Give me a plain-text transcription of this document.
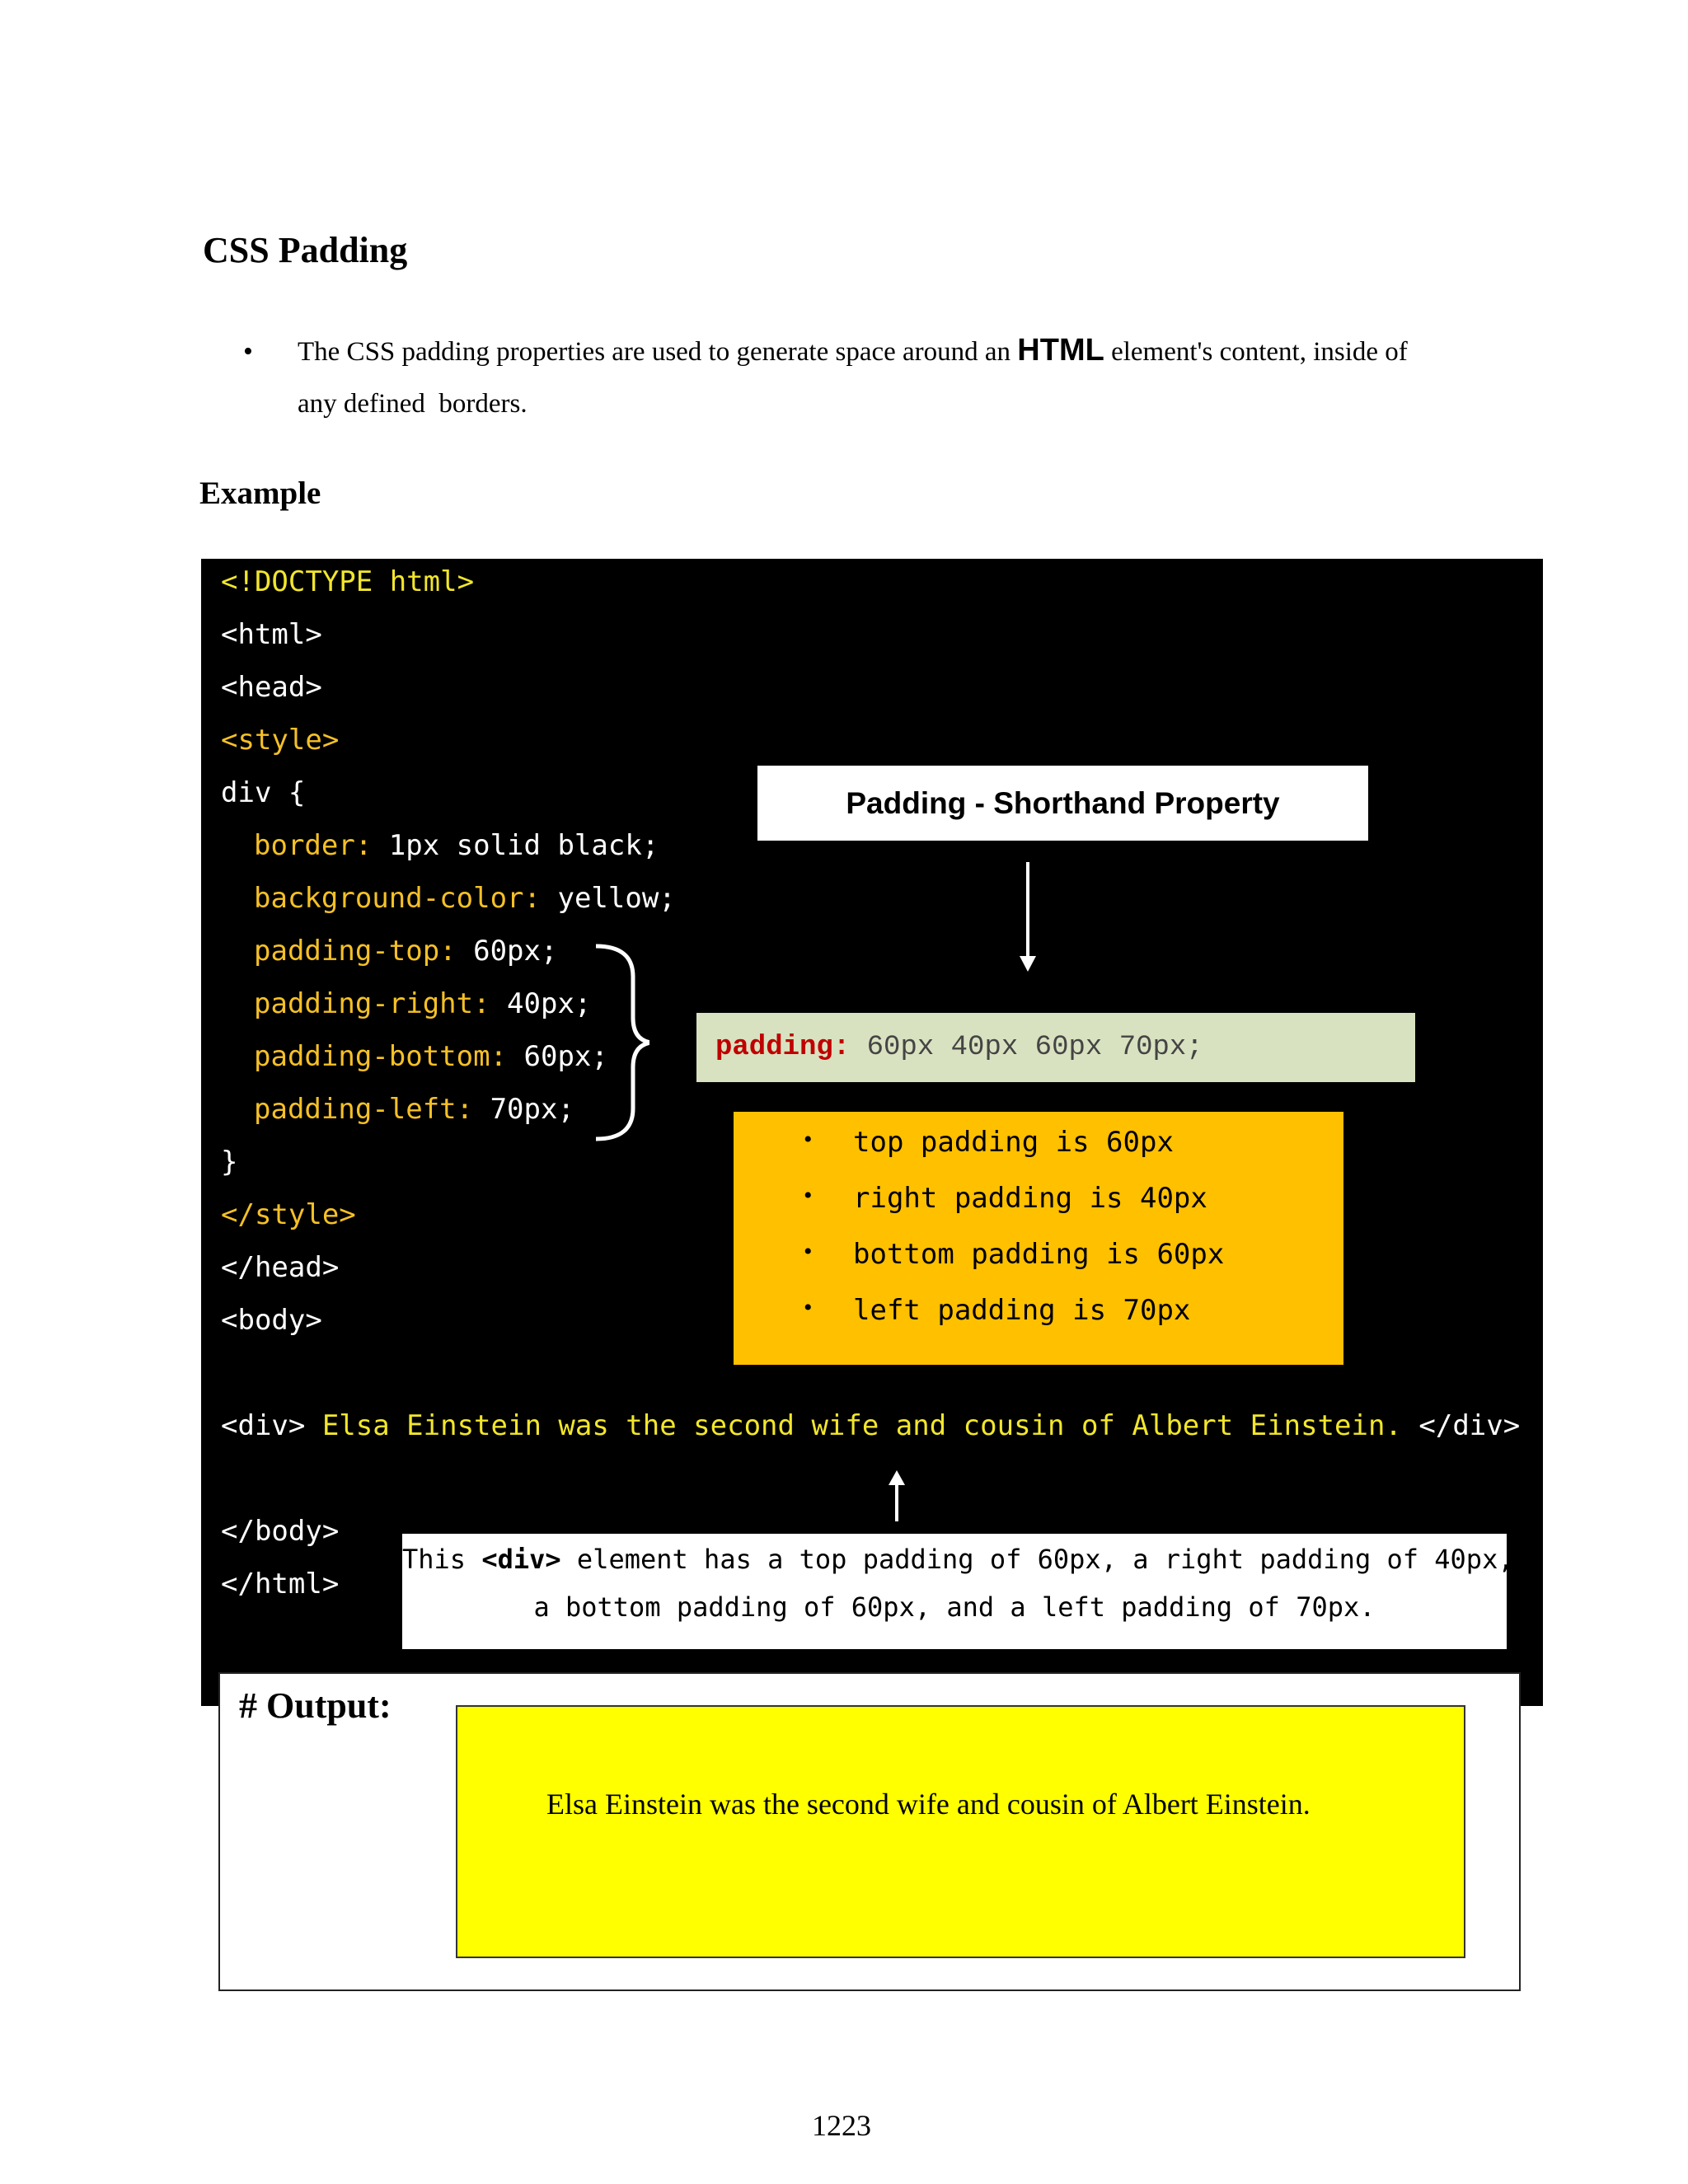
CSS Padding
• The CSS padding properties are used to generate space around an HTML element's content, inside of
any defined  borders.
Example
<!DOCTYPE html>
<html>
<head>
<style>
div {
border: 1px solid black;
background-color: yellow;
padding-top: 60px;
padding-right: 40px;
padding-bottom: 60px;
padding-left: 70px;
}
</style>
</head>
<body>
<div> Elsa Einstein was the second wife and cousin of Albert Einstein. </div>
</body>
</html>
Padding - Shorthand Property
padding: 60px 40px 60px 70px;
• top padding is 60px
• right padding is 40px
• bottom padding is 60px
• left padding is 70px
This <div> element has a top padding of 60px, a right padding of 40px,
a bottom padding of 60px, and a left padding of 70px.
# Output:
Elsa Einstein was the second wife and cousin of Albert Einstein.
1223
